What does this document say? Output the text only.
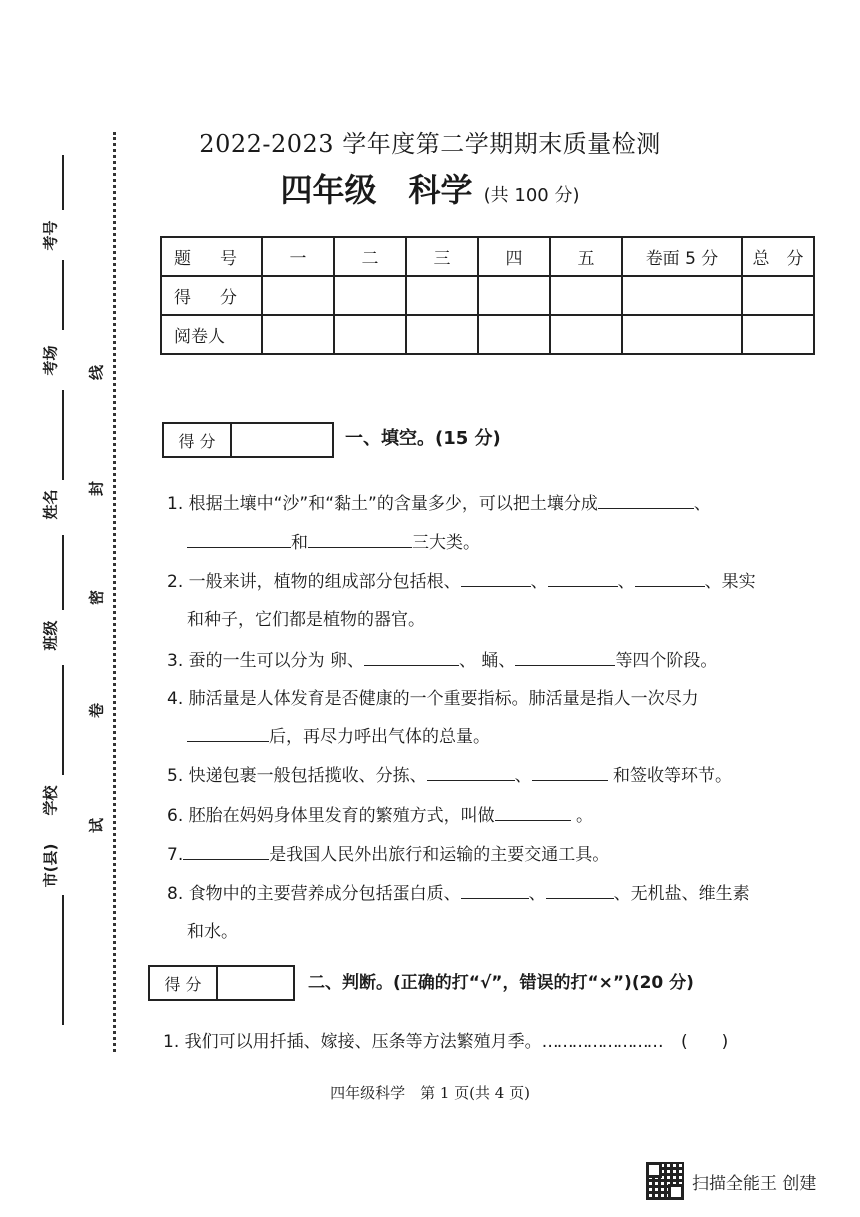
考号
考场
姓名
班级
学校
市(县)
线
封
密
卷
试
2022-2023 学年度第二学期期末质量检测
四年级　科学 (共 100 分)
题　号	一	二	三	四	五	卷面 5 分	总　分
得　分							
阅卷人							
得 分	一、填空。(15 分)
1. 根据土壤中“沙”和“黏土”的含量多少，可以把土壤分成	、
和	三大类。
2. 一般来讲，植物的组成部分包括根、	、	、	、果实
和种子，它们都是植物的器官。
3. 蚕的一生可以分为 卵、	、 蛹、	等四个阶段。
4. 肺活量是人体发育是否健康的一个重要指标。肺活量是指人一次尽力
后，再尽力呼出气体的总量。
5. 快递包裹一般包括揽收、分拣、	、	和签收等环节。
6. 胚胎在妈妈身体里发育的繁殖方式，叫做	。
7.	是我国人民外出旅行和运输的主要交通工具。
8. 食物中的主要营养成分包括蛋白质、	、	、无机盐、维生素
和水。
得 分	二、判断。(正确的打“√”，错误的打“×”)(20 分)
1. 我们可以用扦插、嫁接、压条等方法繁殖月季。…………………… (　　)
四年级科学　第 1 页(共 4 页)
扫描全能王 创建
